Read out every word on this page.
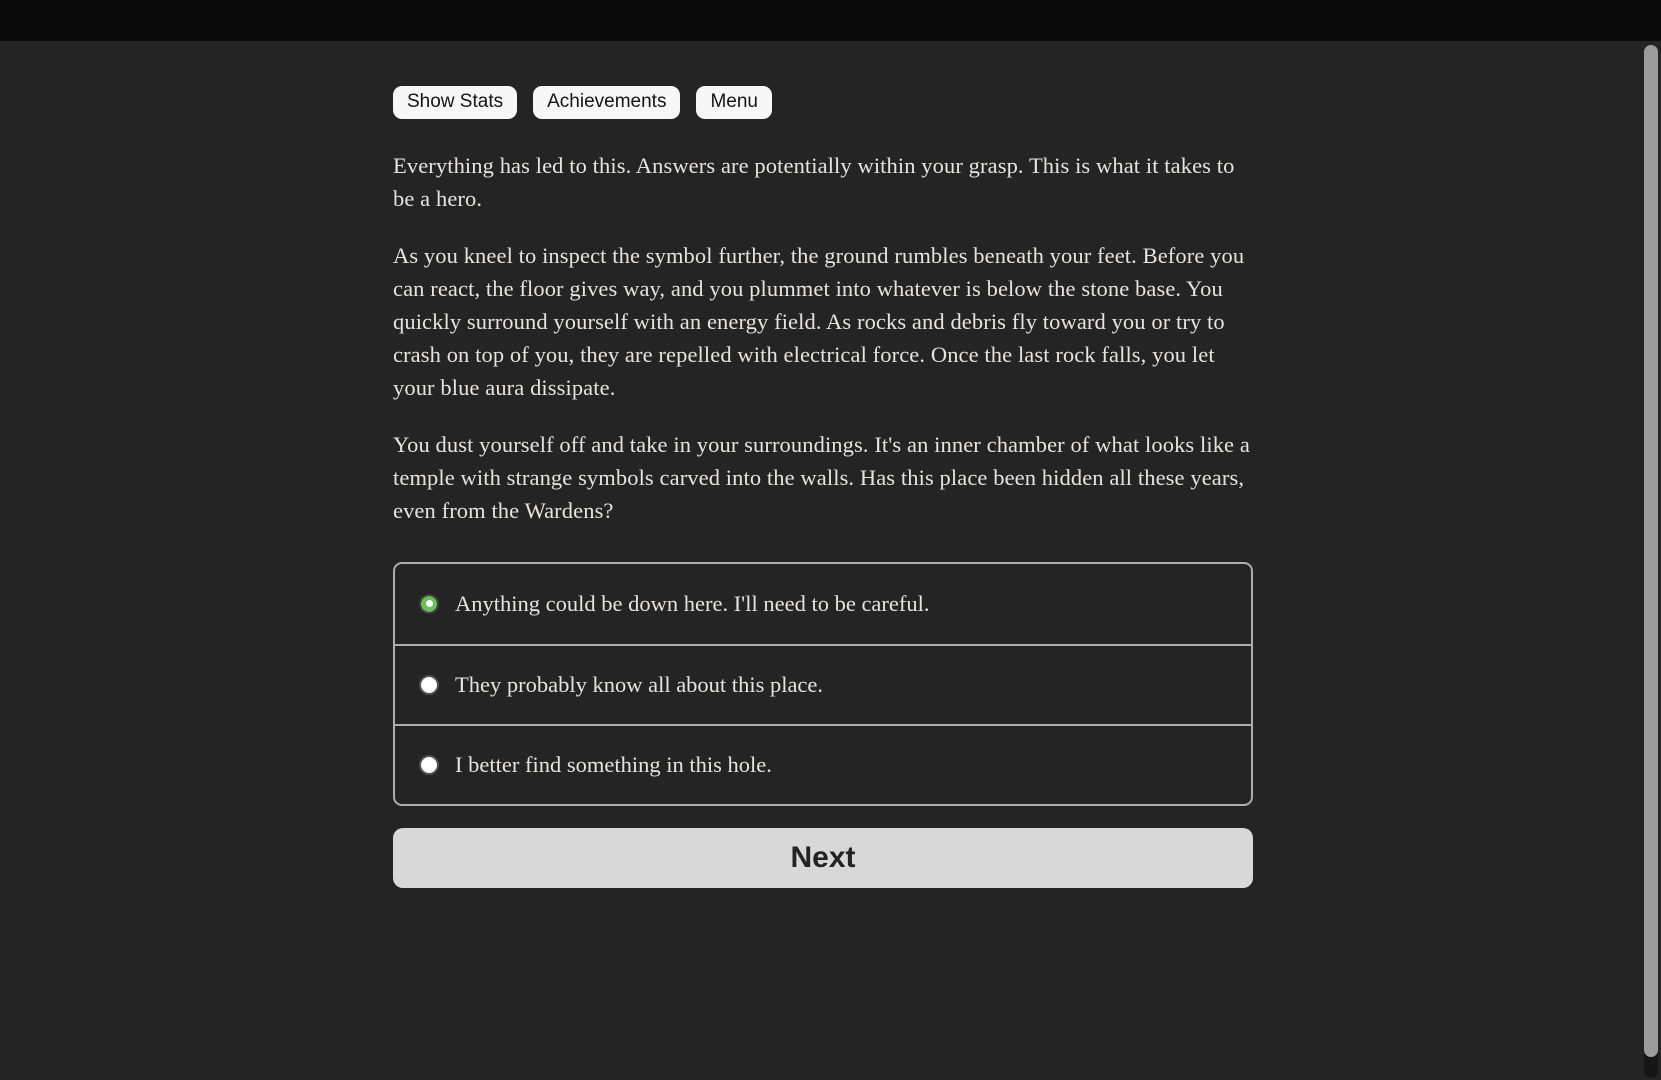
Show Stats	Achievements	Menu

Everything has led to this. Answers are potentially within your grasp. This is what it takes to be a hero.

As you kneel to inspect the symbol further, the ground rumbles beneath your feet. Before you can react, the floor gives way, and you plummet into whatever is below the stone base. You quickly surround yourself with an energy field. As rocks and debris fly toward you or try to crash on top of you, they are repelled with electrical force. Once the last rock falls, you let your blue aura dissipate.

You dust yourself off and take in your surroundings. It's an inner chamber of what looks like a temple with strange symbols carved into the walls. Has this place been hidden all these years, even from the Wardens?

Anything could be down here. I'll need to be careful.
They probably know all about this place.
I better find something in this hole.
Next
